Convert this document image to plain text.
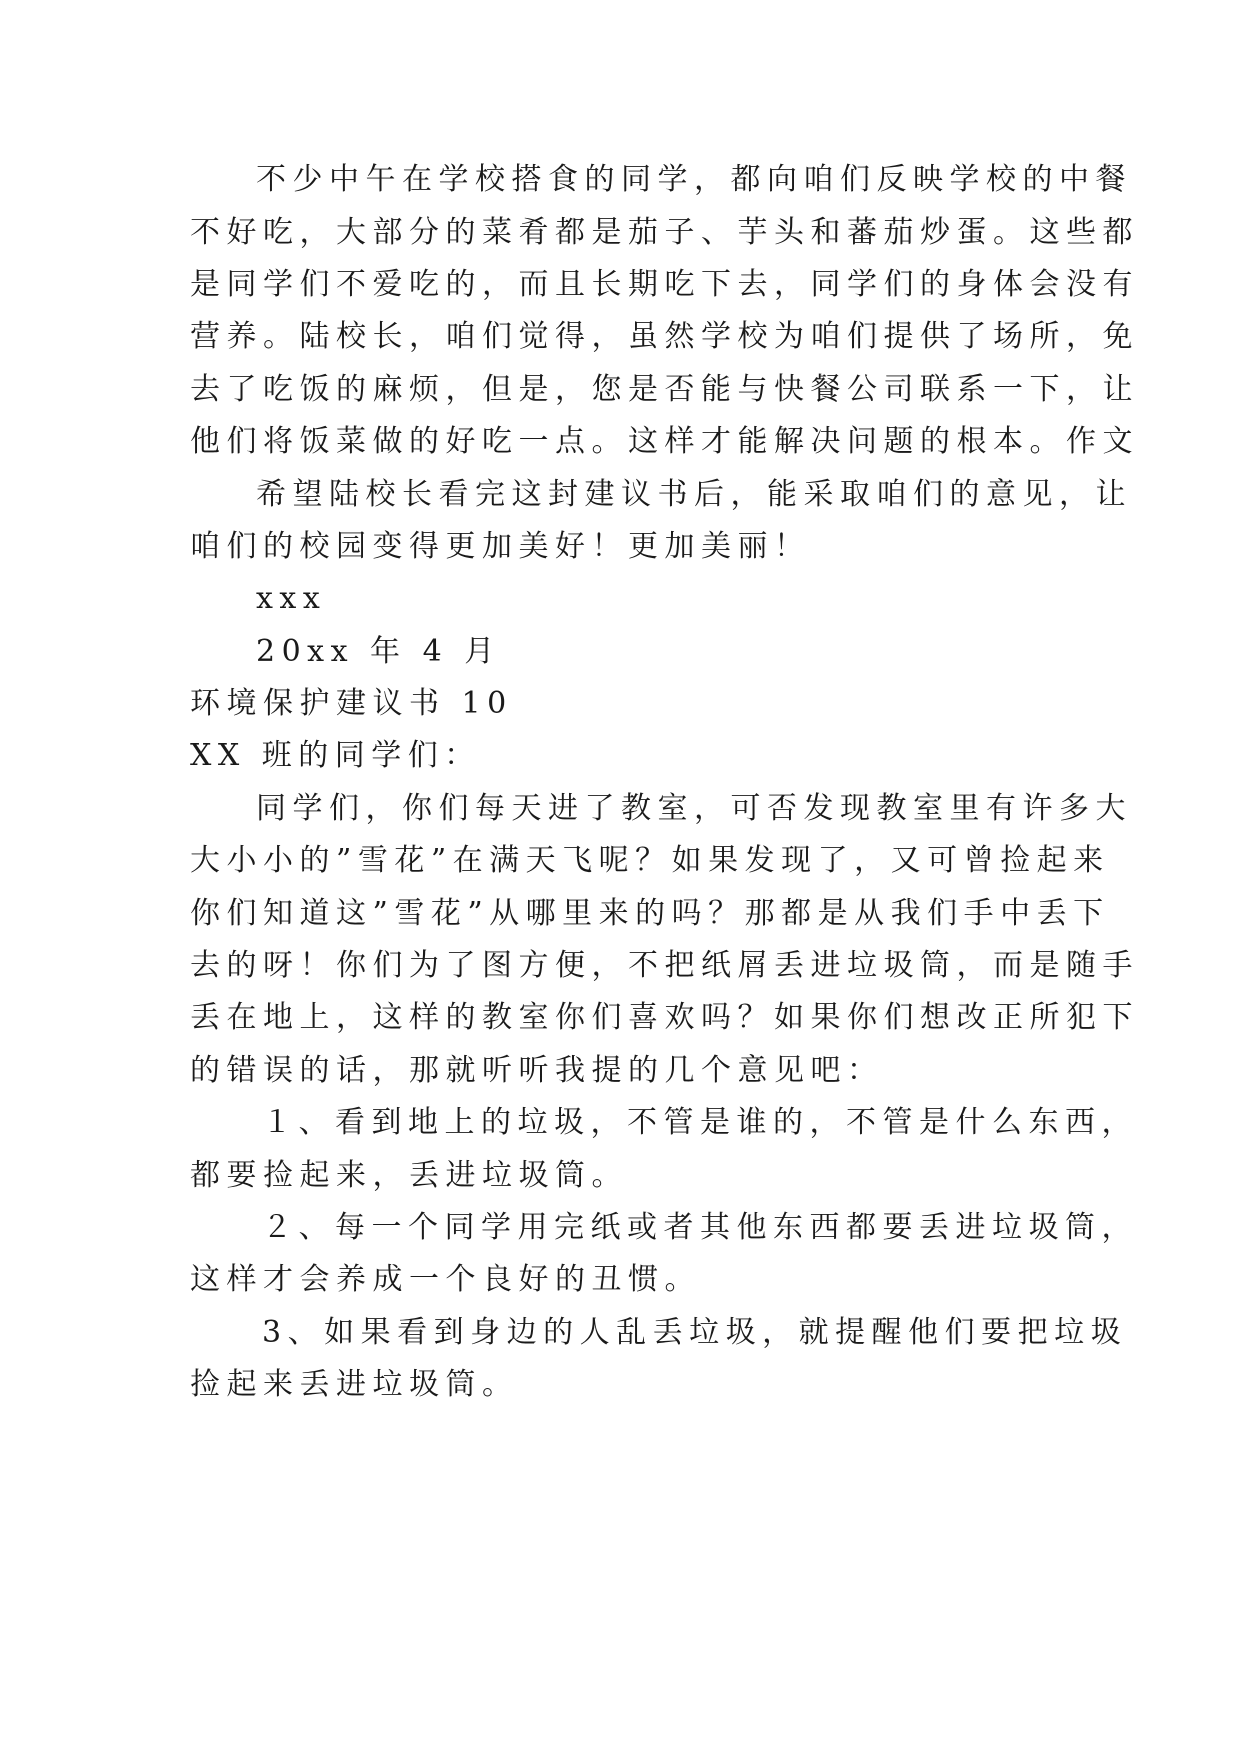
不少中午在学校搭食的同学，都向咱们反映学校的中餐
不好吃，大部分的菜肴都是茄子、芋头和蕃茄炒蛋。这些都
是同学们不爱吃的，而且长期吃下去，同学们的身体会没有
营养。陆校长，咱们觉得，虽然学校为咱们提供了场所，免
去了吃饭的麻烦，但是，您是否能与快餐公司联系一下，让
他们将饭菜做的好吃一点。这样才能解决问题的根本。作文
希望陆校长看完这封建议书后，能采取咱们的意见，让
咱们的校园变得更加美好！更加美丽！
xxx
20xx 年 4 月
环境保护建议书 10
XX 班的同学们：
同学们，你们每天进了教室，可否发现教室里有许多大
大小小的”雪花”在满天飞呢？如果发现了，又可曾捡起来
你们知道这”雪花”从哪里来的吗？那都是从我们手中丢下
去的呀！你们为了图方便，不把纸屑丢进垃圾筒，而是随手
丢在地上，这样的教室你们喜欢吗？如果你们想改正所犯下
的错误的话，那就听听我提的几个意见吧：
１、看到地上的垃圾，不管是谁的，不管是什么东西，
都要捡起来，丢进垃圾筒。
２、每一个同学用完纸或者其他东西都要丢进垃圾筒，
这样才会养成一个良好的丑惯。
3、如果看到身边的人乱丢垃圾，就提醒他们要把垃圾
捡起来丢进垃圾筒。
